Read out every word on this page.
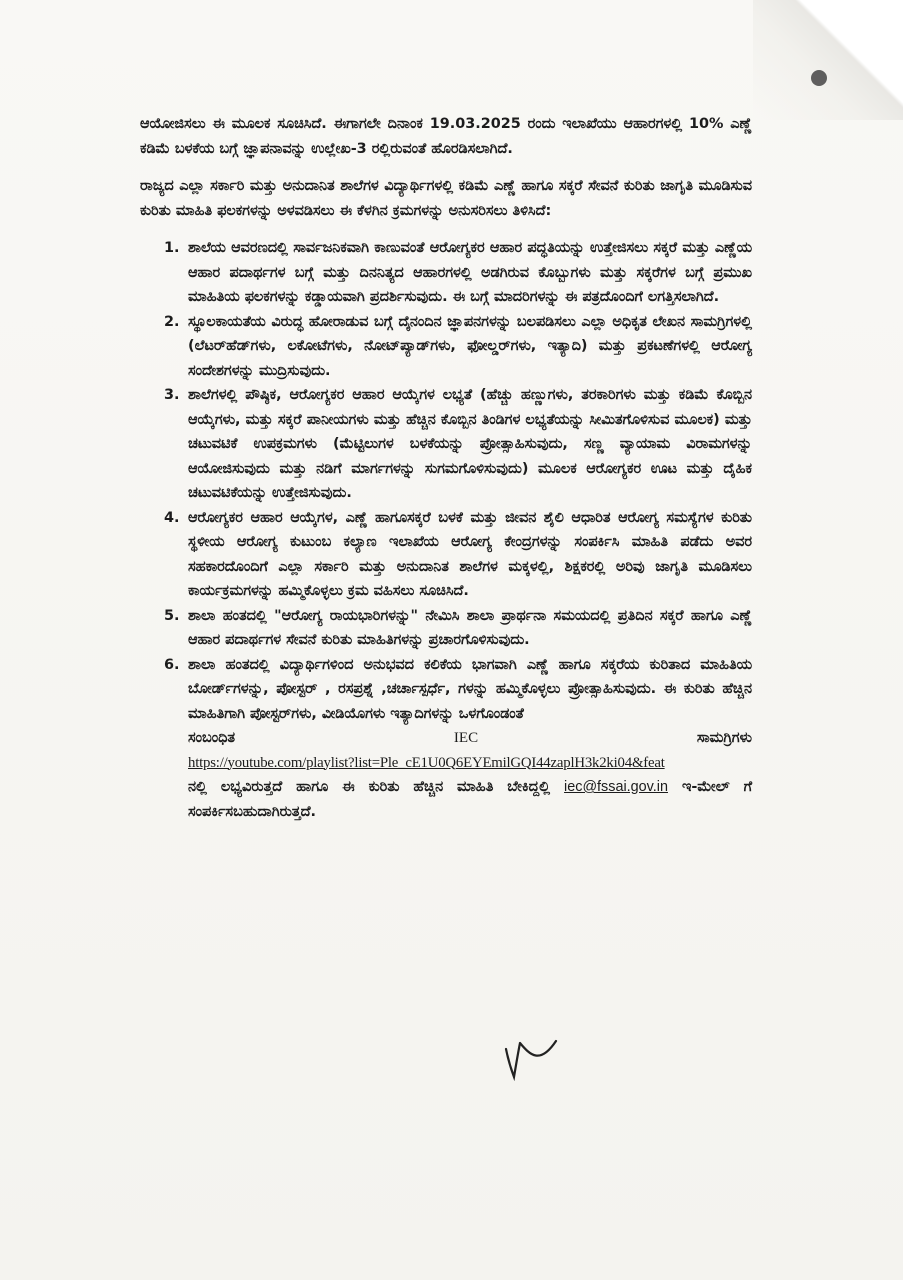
ಆಯೋಜಿಸಲು ಈ ಮೂಲಕ ಸೂಚಿಸಿದೆ. ಈಗಾಗಲೇ ದಿನಾಂಕ 19.03.2025 ರಂದು ಇಲಾಖೆಯು ಆಹಾರಗಳಲ್ಲಿ 10% ಎಣ್ಣೆ ಕಡಿಮೆ ಬಳಕೆಯ ಬಗ್ಗೆ ಜ್ಞಾಪನಾವನ್ನು ಉಲ್ಲೇಖ-3 ರಲ್ಲಿರುವಂತೆ ಹೊರಡಿಸಲಾಗಿದೆ.

ರಾಜ್ಯದ ಎಲ್ಲಾ ಸರ್ಕಾರಿ ಮತ್ತು ಅನುದಾನಿತ ಶಾಲೆಗಳ ವಿದ್ಯಾರ್ಥಿಗಳಲ್ಲಿ ಕಡಿಮೆ ಎಣ್ಣೆ ಹಾಗೂ ಸಕ್ಕರೆ ಸೇವನೆ ಕುರಿತು ಜಾಗೃತಿ ಮೂಡಿಸುವ ಕುರಿತು ಮಾಹಿತಿ ಫಲಕಗಳನ್ನು ಅಳವಡಿಸಲು ಈ ಕೆಳಗಿನ ಕ್ರಮಗಳನ್ನು ಅನುಸರಿಸಲು ತಿಳಿಸಿದೆ:

1. ಶಾಲೆಯ ಆವರಣದಲ್ಲಿ ಸಾರ್ವಜನಿಕವಾಗಿ ಕಾಣುವಂತೆ ಆರೋಗ್ಯಕರ ಆಹಾರ ಪದ್ಧತಿಯನ್ನು ಉತ್ತೇಜಿಸಲು ಸಕ್ಕರೆ ಮತ್ತು ಎಣ್ಣೆಯ ಆಹಾರ ಪದಾರ್ಥಗಳ ಬಗ್ಗೆ ಮತ್ತು ದಿನನಿತ್ಯದ ಆಹಾರಗಳಲ್ಲಿ ಅಡಗಿರುವ ಕೊಬ್ಬುಗಳು ಮತ್ತು ಸಕ್ಕರೆಗಳ ಬಗ್ಗೆ ಪ್ರಮುಖ ಮಾಹಿತಿಯ ಫಲಕಗಳನ್ನು ಕಡ್ಡಾಯವಾಗಿ ಪ್ರದರ್ಶಿಸುವುದು. ಈ ಬಗ್ಗೆ ಮಾದರಿಗಳನ್ನು ಈ ಪತ್ರದೊಂದಿಗೆ ಲಗತ್ತಿಸಲಾಗಿದೆ.
2. ಸ್ಥೂಲಕಾಯತೆಯ ವಿರುದ್ಧ ಹೋರಾಡುವ ಬಗ್ಗೆ ದೈನಂದಿನ ಜ್ಞಾಪನಗಳನ್ನು ಬಲಪಡಿಸಲು ಎಲ್ಲಾ ಅಧಿಕೃತ ಲೇಖನ ಸಾಮಗ್ರಿಗಳಲ್ಲಿ (ಲೆಟರ್‌ಹೆಡ್‌ಗಳು, ಲಕೋಟೆಗಳು, ನೋಟ್‌ಪ್ಯಾಡ್‌ಗಳು, ಫೋಲ್ಡರ್‌ಗಳು, ಇತ್ಯಾದಿ) ಮತ್ತು ಪ್ರಕಟಣೆಗಳಲ್ಲಿ ಆರೋಗ್ಯ ಸಂದೇಶಗಳನ್ನು ಮುದ್ರಿಸುವುದು.
3. ಶಾಲೆಗಳಲ್ಲಿ ಪೌಷ್ಠಿಕ, ಆರೋಗ್ಯಕರ ಆಹಾರ ಆಯ್ಕೆಗಳ ಲಭ್ಯತೆ (ಹೆಚ್ಚು ಹಣ್ಣುಗಳು, ತರಕಾರಿಗಳು ಮತ್ತು ಕಡಿಮೆ ಕೊಬ್ಬಿನ ಆಯ್ಕೆಗಳು, ಮತ್ತು ಸಕ್ಕರೆ ಪಾನೀಯಗಳು ಮತ್ತು ಹೆಚ್ಚಿನ ಕೊಬ್ಬಿನ ತಿಂಡಿಗಳ ಲಭ್ಯತೆಯನ್ನು ಸೀಮಿತಗೊಳಿಸುವ ಮೂಲಕ) ಮತ್ತು ಚಟುವಟಿಕೆ ಉಪಕ್ರಮಗಳು (ಮೆಟ್ಟಿಲುಗಳ ಬಳಕೆಯನ್ನು ಪ್ರೋತ್ಸಾಹಿಸುವುದು, ಸಣ್ಣ ವ್ಯಾಯಾಮ ವಿರಾಮಗಳನ್ನು ಆಯೋಜಿಸುವುದು ಮತ್ತು ನಡಿಗೆ ಮಾರ್ಗಗಳನ್ನು ಸುಗಮಗೊಳಿಸುವುದು) ಮೂಲಕ ಆರೋಗ್ಯಕರ ಊಟ ಮತ್ತು ದೈಹಿಕ ಚಟುವಟಿಕೆಯನ್ನು ಉತ್ತೇಜಿಸುವುದು.
4. ಆರೋಗ್ಯಕರ ಆಹಾರ ಆಯ್ಕೆಗಳ, ಎಣ್ಣೆ ಹಾಗೂಸಕ್ಕರೆ ಬಳಕೆ ಮತ್ತು ಜೀವನ ಶೈಲಿ ಆಧಾರಿತ ಆರೋಗ್ಯ ಸಮಸ್ಯೆಗಳ ಕುರಿತು ಸ್ಥಳೀಯ ಆರೋಗ್ಯ ಕುಟುಂಬ ಕಲ್ಯಾಣ ಇಲಾಖೆಯ ಆರೋಗ್ಯ ಕೇಂದ್ರಗಳನ್ನು ಸಂಪರ್ಕಿಸಿ ಮಾಹಿತಿ ಪಡೆದು ಅವರ ಸಹಕಾರದೊಂದಿಗೆ ಎಲ್ಲಾ ಸರ್ಕಾರಿ ಮತ್ತು ಅನುದಾನಿತ ಶಾಲೆಗಳ ಮಕ್ಕಳಲ್ಲಿ, ಶಿಕ್ಷಕರಲ್ಲಿ ಅರಿವು ಜಾಗೃತಿ ಮೂಡಿಸಲು ಕಾರ್ಯಕ್ರಮಗಳನ್ನು ಹಮ್ಮಿಕೊಳ್ಳಲು ಕ್ರಮ ವಹಿಸಲು ಸೂಚಿಸಿದೆ.
5. ಶಾಲಾ ಹಂತದಲ್ಲಿ "ಆರೋಗ್ಯ ರಾಯಭಾರಿಗಳನ್ನು" ನೇಮಿಸಿ ಶಾಲಾ ಪ್ರಾರ್ಥನಾ ಸಮಯದಲ್ಲಿ ಪ್ರತಿದಿನ ಸಕ್ಕರೆ ಹಾಗೂ ಎಣ್ಣೆ ಆಹಾರ ಪದಾರ್ಥಗಳ ಸೇವನೆ ಕುರಿತು ಮಾಹಿತಿಗಳನ್ನು ಪ್ರಚಾರಗೊಳಿಸುವುದು.
6. ಶಾಲಾ ಹಂತದಲ್ಲಿ ವಿದ್ಯಾರ್ಥಿಗಳಿಂದ ಅನುಭವದ ಕಲಿಕೆಯ ಭಾಗವಾಗಿ ಎಣ್ಣೆ ಹಾಗೂ ಸಕ್ಕರೆಯ ಕುರಿತಾದ ಮಾಹಿತಿಯ ಬೋರ್ಡ್‌ಗಳನ್ನು, ಪೋಸ್ಟರ್ , ರಸಪ್ರಶ್ನೆ ,ಚರ್ಚಾಸ್ಪರ್ಧೆ, ಗಳನ್ನು ಹಮ್ಮಿಕೊಳ್ಳಲು ಪ್ರೋತ್ಸಾಹಿಸುವುದು. ಈ ಕುರಿತು ಹೆಚ್ಚಿನ ಮಾಹಿತಿಗಾಗಿ ಪೋಸ್ಟರ್‌ಗಳು, ವೀಡಿಯೊಗಳು ಇತ್ಯಾದಿಗಳನ್ನು ಒಳಗೊಂಡಂತೆ
ಸಂಬಂಧಿತ	IEC	ಸಾಮಗ್ರಿಗಳು
https://youtube.com/playlist?list=Ple_cE1U0Q6EYEmilGQI44zaplH3k2ki04&feat
ನಲ್ಲಿ ಲಭ್ಯವಿರುತ್ತದೆ ಹಾಗೂ ಈ ಕುರಿತು ಹೆಚ್ಚಿನ ಮಾಹಿತಿ ಬೇಕಿದ್ದಲ್ಲಿ iec@fssai.gov.in ಇ-ಮೇಲ್ ಗೆ ಸಂಪರ್ಕಿಸಬಹುದಾಗಿರುತ್ತದೆ.
